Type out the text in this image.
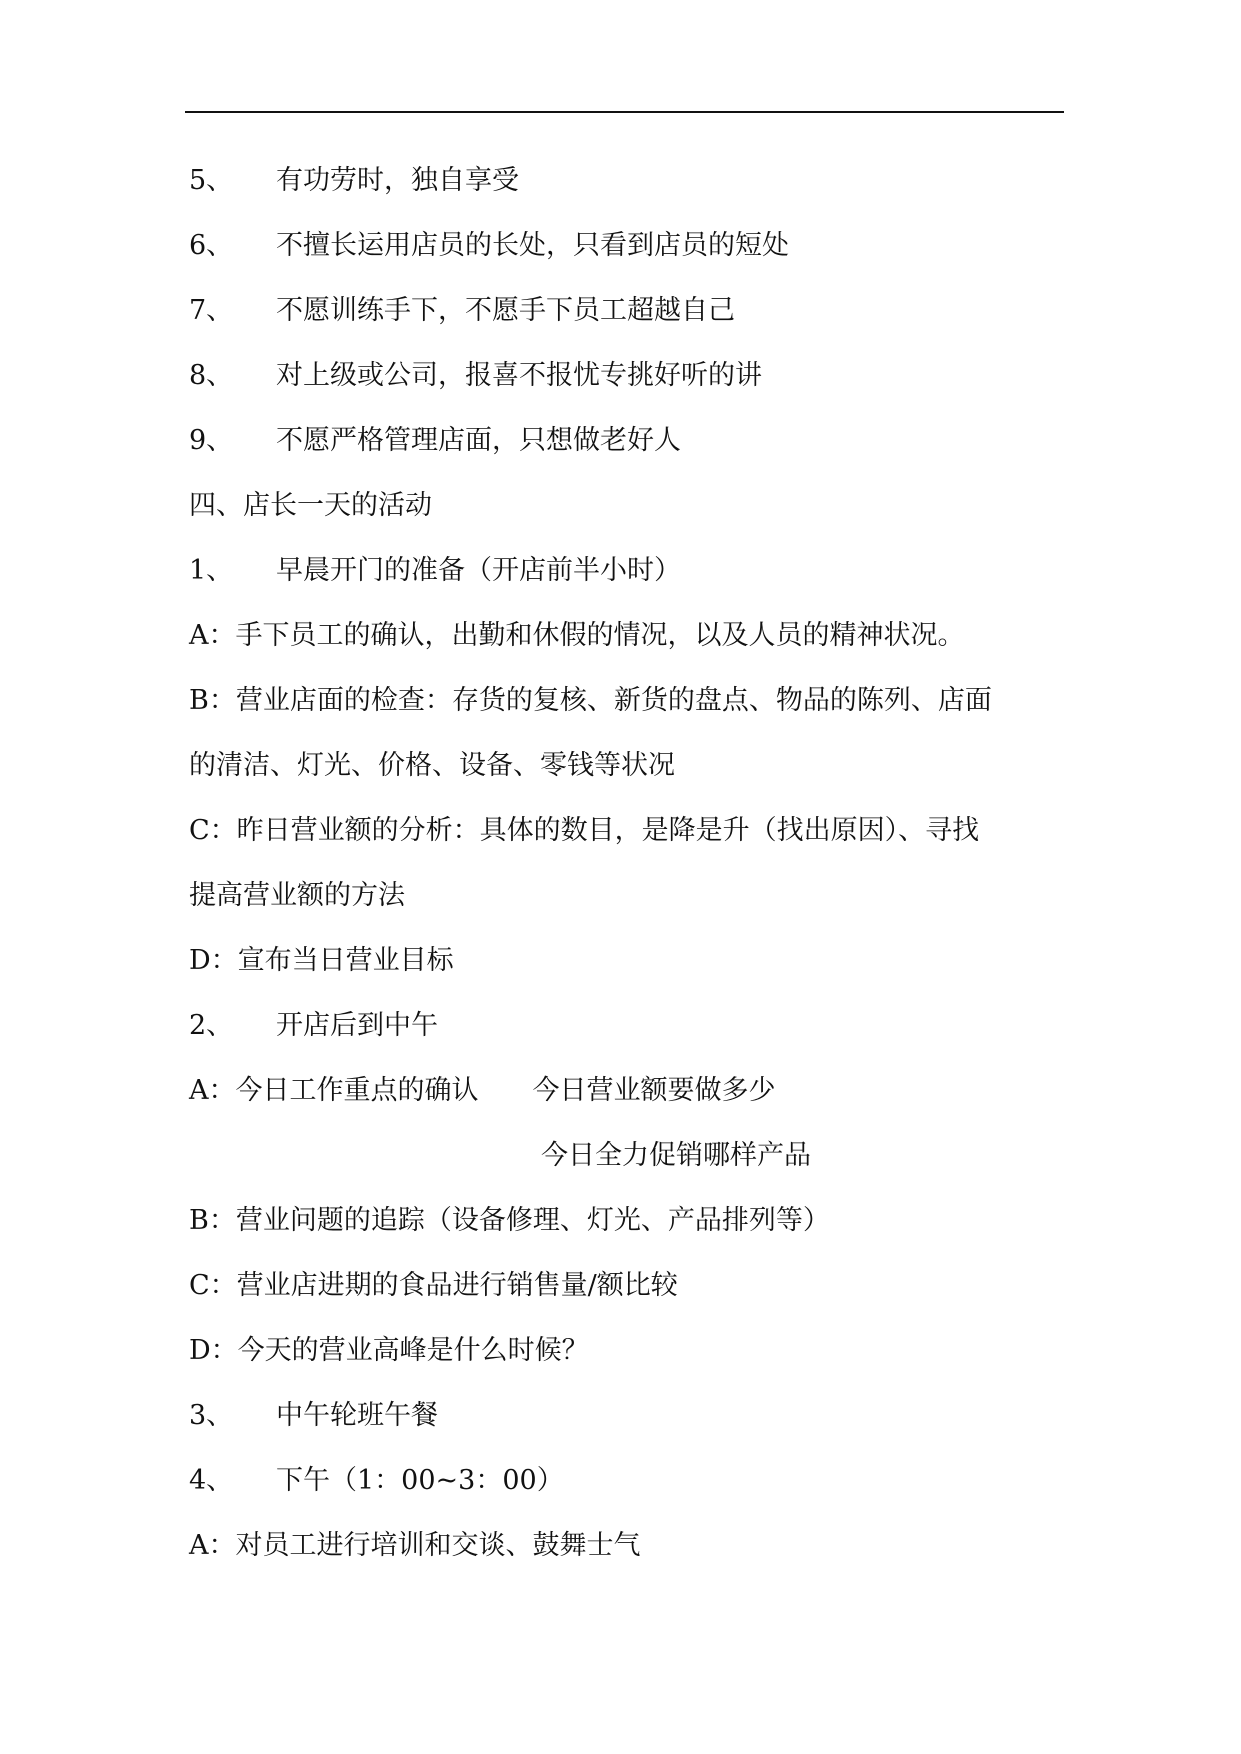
5、 有功劳时，独自享受
6、 不擅长运用店员的长处，只看到店员的短处
7、 不愿训练手下，不愿手下员工超越自己
8、 对上级或公司，报喜不报忧专挑好听的讲
9、 不愿严格管理店面，只想做老好人
四、店长一天的活动
1、 早晨开门的准备（开店前半小时）
A：手下员工的确认，出勤和休假的情况，以及人员的精神状况。
B：营业店面的检查：存货的复核、新货的盘点、物品的陈列、店面
的清洁、灯光、价格、设备、零钱等状况
C：昨日营业额的分析：具体的数目，是降是升（找出原因）、寻找
提高营业额的方法
D：宣布当日营业目标
2、 开店后到中午
A：今日工作重点的确认　　今日营业额要做多少
今日全力促销哪样产品
B：营业问题的追踪（设备修理、灯光、产品排列等）
C：营业店进期的食品进行销售量/额比较
D：今天的营业高峰是什么时候？
3、 中午轮班午餐
4、 下午（1：00~3：00）
A：对员工进行培训和交谈、鼓舞士气
